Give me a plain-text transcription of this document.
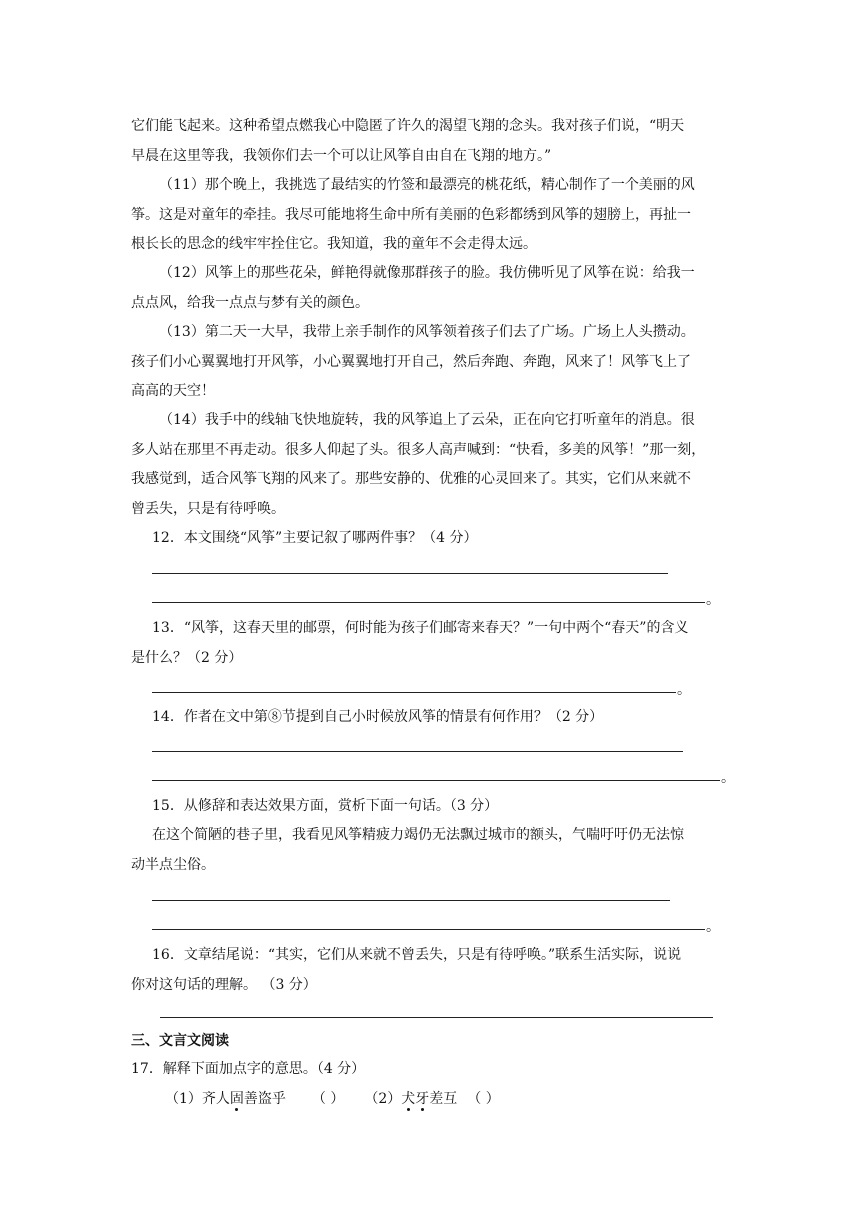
它们能飞起来。这种希望点燃我心中隐匿了许久的渴望飞翔的念头。我对孩子们说，“明天
早晨在这里等我，我领你们去一个可以让风筝自由自在飞翔的地方。”

（11）那个晚上，我挑选了最结实的竹签和最漂亮的桃花纸，精心制作了一个美丽的风
筝。这是对童年的牵挂。我尽可能地将生命中所有美丽的色彩都绣到风筝的翅膀上，再扯一
根长长的思念的线牢牢拴住它。我知道，我的童年不会走得太远。

（12）风筝上的那些花朵，鲜艳得就像那群孩子的脸。我仿佛听见了风筝在说：给我一
点点风，给我一点点与梦有关的颜色。

（13）第二天一大早，我带上亲手制作的风筝领着孩子们去了广场。广场上人头攒动。
孩子们小心翼翼地打开风筝，小心翼翼地打开自己，然后奔跑、奔跑，风来了！风筝飞上了
高高的天空！

（14）我手中的线轴飞快地旋转，我的风筝追上了云朵，正在向它打听童年的消息。很
多人站在那里不再走动。很多人仰起了头。很多人高声喊到：“快看，多美的风筝！”那一刻，
我感觉到，适合风筝飞翔的风来了。那些安静的、优雅的心灵回来了。其实，它们从来就不
曾丢失，只是有待呼唤。

12．本文围绕“风筝”主要记叙了哪两件事？（4 分）

。

13．“风筝，这春天里的邮票，何时能为孩子们邮寄来春天？”一句中两个“春天”的含义
是什么？（2 分）

。

14．作者在文中第⑧节提到自己小时候放风筝的情景有何作用？（2 分）

。

15．从修辞和表达效果方面，赏析下面一句话。（3 分）

在这个简陋的巷子里，我看见风筝精疲力竭仍无法飘过城市的额头，气喘吁吁仍无法惊
动半点尘俗。

。

16．文章结尾说：“其实，它们从来就不曾丢失，只是有待呼唤。”联系生活实际，说说
你对这句话的理解。 （3 分）

三、文言文阅读

17．解释下面加点字的意思。（4 分）

（1）齐人固善盗乎 （ ） （2）犬牙差互 （ ）
